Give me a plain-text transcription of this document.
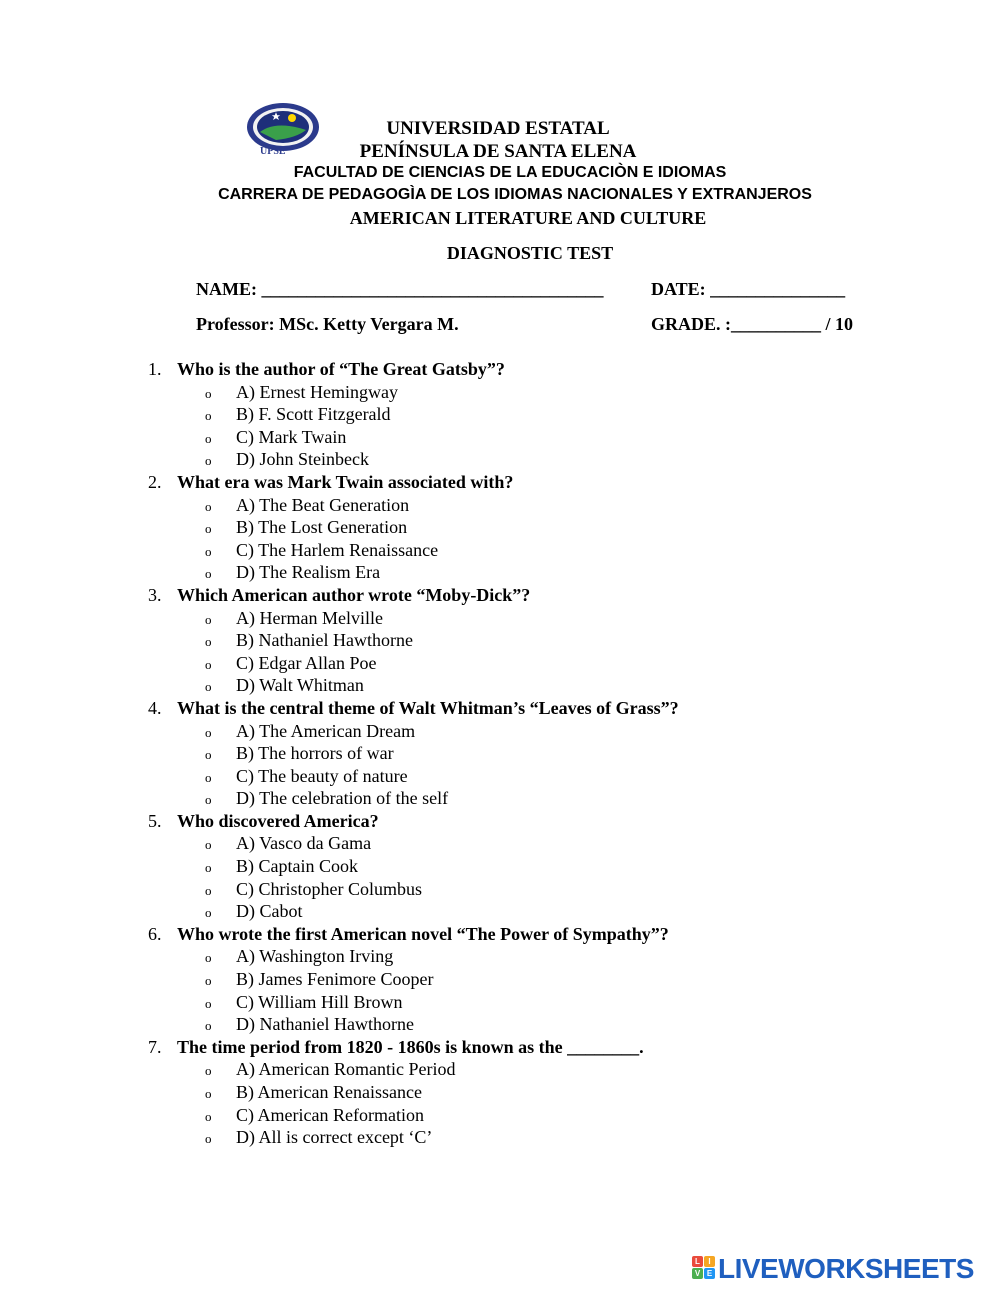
UPSE
UNIVERSIDAD ESTATAL
PENÍNSULA DE SANTA ELENA
FACULTAD DE CIENCIAS DE LA EDUCACIÒN E IDIOMAS
CARRERA DE PEDAGOGÌA DE LOS IDIOMAS NACIONALES Y EXTRANJEROS
AMERICAN LITERATURE AND CULTURE
DIAGNOSTIC TEST
NAME: ______________________________________	DATE: _______________
Professor: MSc. Ketty Vergara M.	GRADE. :__________ / 10
1. Who is the author of “The Great Gatsby”?
o A) Ernest Hemingway
o B) F. Scott Fitzgerald
o C) Mark Twain
o D) John Steinbeck
2. What era was Mark Twain associated with?
o A) The Beat Generation
o B) The Lost Generation
o C) The Harlem Renaissance
o D) The Realism Era
3. Which American author wrote “Moby-Dick”?
o A) Herman Melville
o B) Nathaniel Hawthorne
o C) Edgar Allan Poe
o D) Walt Whitman
4. What is the central theme of Walt Whitman’s “Leaves of Grass”?
o A) The American Dream
o B) The horrors of war
o C) The beauty of nature
o D) The celebration of the self
5. Who discovered America?
o A) Vasco da Gama
o B) Captain Cook
o C) Christopher Columbus
o D) Cabot
6. Who wrote the first American novel “The Power of Sympathy”?
o A) Washington Irving
o B) James Fenimore Cooper
o C) William Hill Brown
o D) Nathaniel Hawthorne
7. The time period from 1820 - 1860s is known as the ________.
o A) American Romantic Period
o B) American Renaissance
o C) American Reformation
o D) All is correct except ‘C’
L	I
V E LIVEWORKSHEETS
